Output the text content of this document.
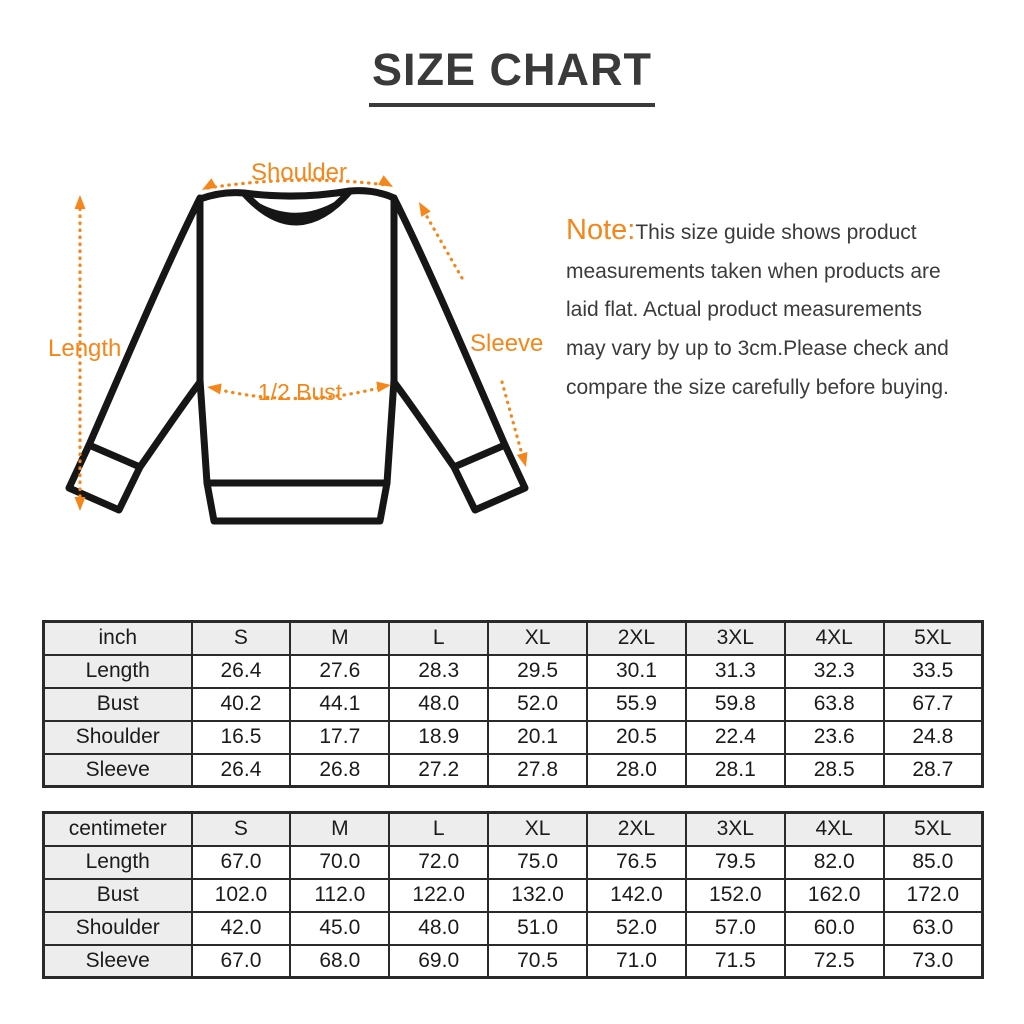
SIZE CHART
Shoulder
Length	Sleeve
1/2 Bust
Note:This size guide shows product
measurements taken when products are
laid flat. Actual product measurements
may vary by up to 3cm.Please check and
compare the size carefully before buying.
inch	S	M	L	XL	2XL	3XL	4XL	5XL
Length	26.4	27.6	28.3	29.5	30.1	31.3	32.3	33.5
Bust	40.2	44.1	48.0	52.0	55.9	59.8	63.8	67.7
Shoulder	16.5	17.7	18.9	20.1	20.5	22.4	23.6	24.8
Sleeve	26.4	26.8	27.2	27.8	28.0	28.1	28.5	28.7
centimeter	S	M	L	XL	2XL	3XL	4XL	5XL
Length	67.0	70.0	72.0	75.0	76.5	79.5	82.0	85.0
Bust	102.0	112.0	122.0	132.0	142.0	152.0	162.0	172.0
Shoulder	42.0	45.0	48.0	51.0	52.0	57.0	60.0	63.0
Sleeve	67.0	68.0	69.0	70.5	71.0	71.5	72.5	73.0
